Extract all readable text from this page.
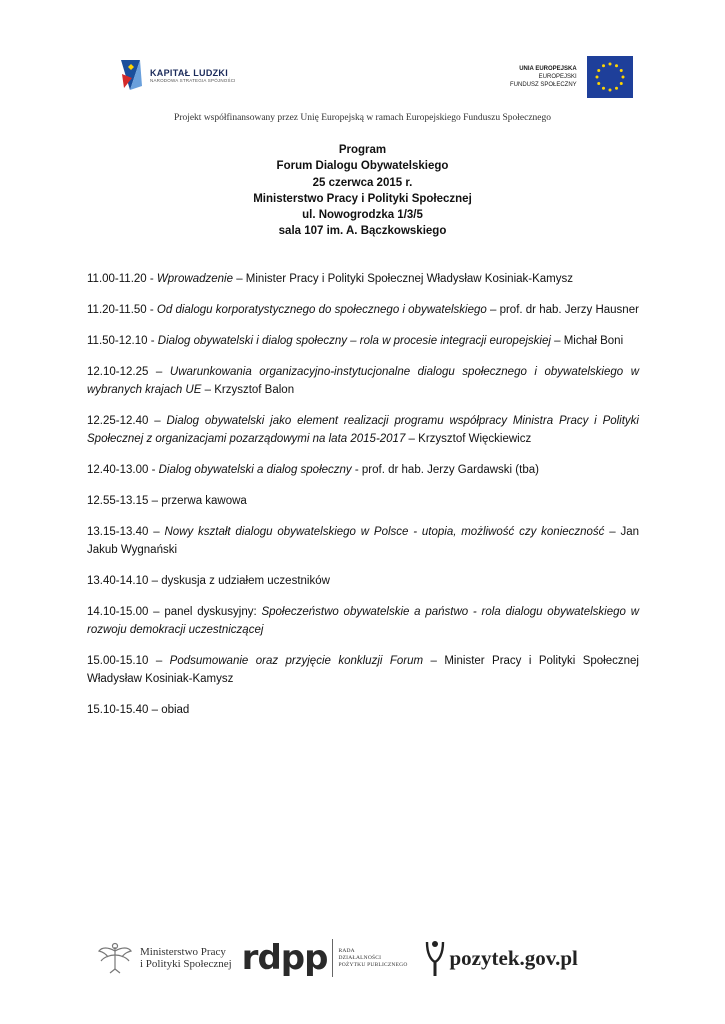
KAPITAŁ LUDZKI
NARODOWA STRATEGIA SPÓJNOŚCI
UNIA EUROPEJSKA
EUROPEJSKI
FUNDUSZ SPOŁECZNY
Projekt współfinansowany przez Unię Europejską w ramach Europejskiego Funduszu Społecznego
Program
Forum Dialogu Obywatelskiego
25 czerwca 2015 r.
Ministerstwo Pracy i Polityki Społecznej
ul. Nowogrodzka 1/3/5
sala 107 im. A. Bączkowskiego
11.00-11.20 - Wprowadzenie – Minister Pracy i Polityki Społecznej Władysław Kosiniak-Kamysz
11.20-11.50 - Od dialogu korporatystycznego do społecznego i obywatelskiego – prof. dr hab. Jerzy Hausner
11.50-12.10 - Dialog obywatelski i dialog społeczny – rola w procesie integracji europejskiej – Michał Boni
12.10-12.25 – Uwarunkowania organizacyjno-instytucjonalne dialogu społecznego i obywatelskiego w wybranych krajach UE – Krzysztof Balon
12.25-12.40 – Dialog obywatelski jako element realizacji programu współpracy Ministra Pracy i Polityki Społecznej z organizacjami pozarządowymi na lata 2015-2017 – Krzysztof Więckiewicz
12.40-13.00 - Dialog obywatelski a dialog społeczny - prof. dr hab. Jerzy Gardawski (tba)
12.55-13.15 – przerwa kawowa
13.15-13.40 – Nowy kształt dialogu obywatelskiego w Polsce - utopia, możliwość czy konieczność – Jan Jakub Wygnański
13.40-14.10 – dyskusja z udziałem uczestników
14.10-15.00 – panel dyskusyjny: Społeczeństwo obywatelskie a państwo - rola dialogu obywatelskiego w rozwoju demokracji uczestniczącej
15.00-15.10 – Podsumowanie oraz przyjęcie konkluzji Forum – Minister Pracy i Polityki Społecznej Władysław Kosiniak-Kamysz
15.10-15.40 – obiad
Ministerstwo Pracy
i Polityki Społecznej rdpp RADA
DZIAŁALNOŚCI
POŻYTKU PUBLICZNEGO pozytek.gov.pl
